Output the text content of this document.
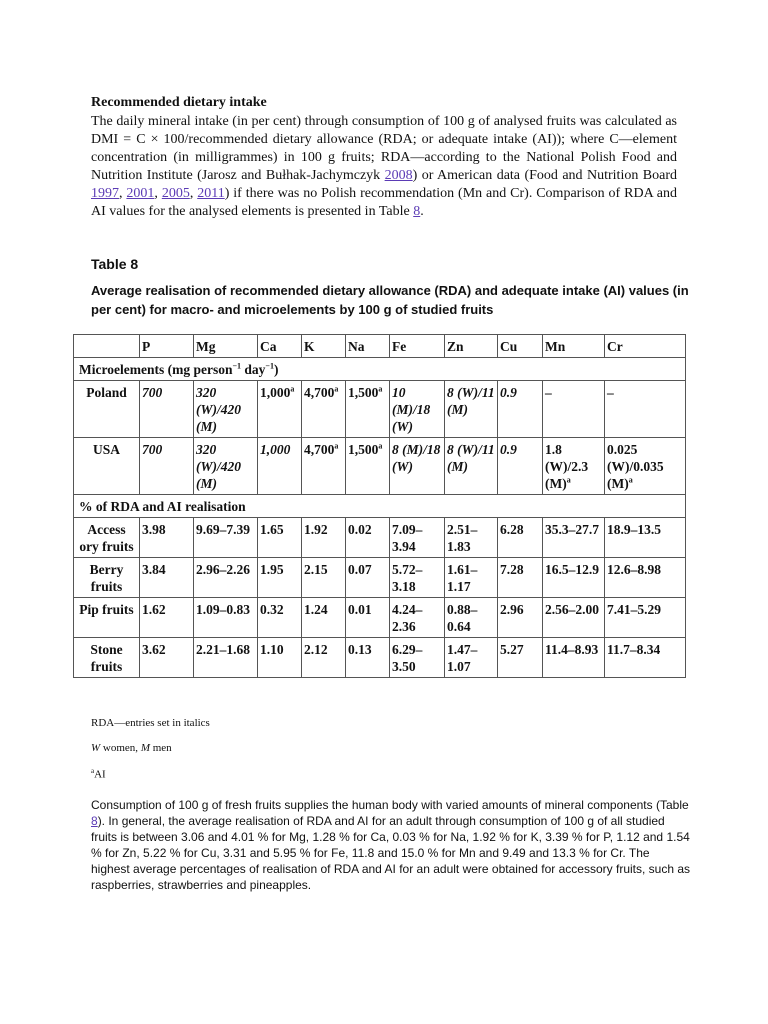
Recommended dietary intake
The daily mineral intake (in per cent) through consumption of 100 g of analysed fruits was calculated as DMI = C × 100/recommended dietary allowance (RDA; or adequate intake (AI)); where C—element concentration (in milligrammes) in 100 g fruits; RDA—according to the National Polish Food and Nutrition Institute (Jarosz and Bułhak-Jachymczyk 2008) or American data (Food and Nutrition Board 1997, 2001, 2005, 2011) if there was no Polish recommendation (Mn and Cr). Comparison of RDA and AI values for the analysed elements is presented in Table 8.
Table 8
Average realisation of recommended dietary allowance (RDA) and adequate intake (AI) values (in per cent) for macro- and microelements by 100 g of studied fruits
	P	Mg	Ca	K	Na	Fe	Zn	Cu	Mn	Cr
Microelements (mg person$^{-1}$ day$^{-1}$)										
Poland	700	320 (W)/420 (M)	1,000$^a$	4,700$^a$	1,500$^a$	10 (M)/18 (W)	8 (W)/11 (M)	0.9	–	–
USA	700	320 (W)/420 (M)	1,000	4,700$^a$	1,500$^a$	8 (M)/18 (W)	8 (W)/11 (M)	0.9	1.8 (W)/2.3 $(M)^a$	0.025 (W)/0.035 $(M)^a$
% of RDA and AI realisation										
Access ory fruits	3.98	9.69–7.39	1.65	1.92	0.02	7.09–3.94	2.51–1.83	6.28	35.3–27.7	18.9–13.5
Berry fruits	3.84	2.96–2.26	1.95	2.15	0.07	5.72–3.18	1.61–1.17	7.28	16.5–12.9	12.6–8.98
Pip fruits	1.62	1.09–0.83	0.32	1.24	0.01	4.24–2.36	0.88–0.64	2.96	2.56–2.00	7.41–5.29
Stone fruits	3.62	2.21–1.68	1.10	2.12	0.13	6.29–3.50	1.47–1.07	5.27	11.4–8.93	11.7–8.34
RDA—entries set in italics
W women, M men
$^a$AI
Consumption of 100 g of fresh fruits supplies the human body with varied amounts of mineral components (Table 8). In general, the average realisation of RDA and AI for an adult through consumption of 100 g of all studied fruits is between 3.06 and 4.01 % for Mg, 1.28 % for Ca, 0.03 % for Na, 1.92 % for K, 3.39 % for P, 1.12 and 1.54 % for Zn, 5.22 % for Cu, 3.31 and 5.95 % for Fe, 11.8 and 15.0 % for Mn and 9.49 and 13.3 % for Cr. The highest average percentages of realisation of RDA and AI for an adult were obtained for accessory fruits, such as raspberries, strawberries and pineapples.
